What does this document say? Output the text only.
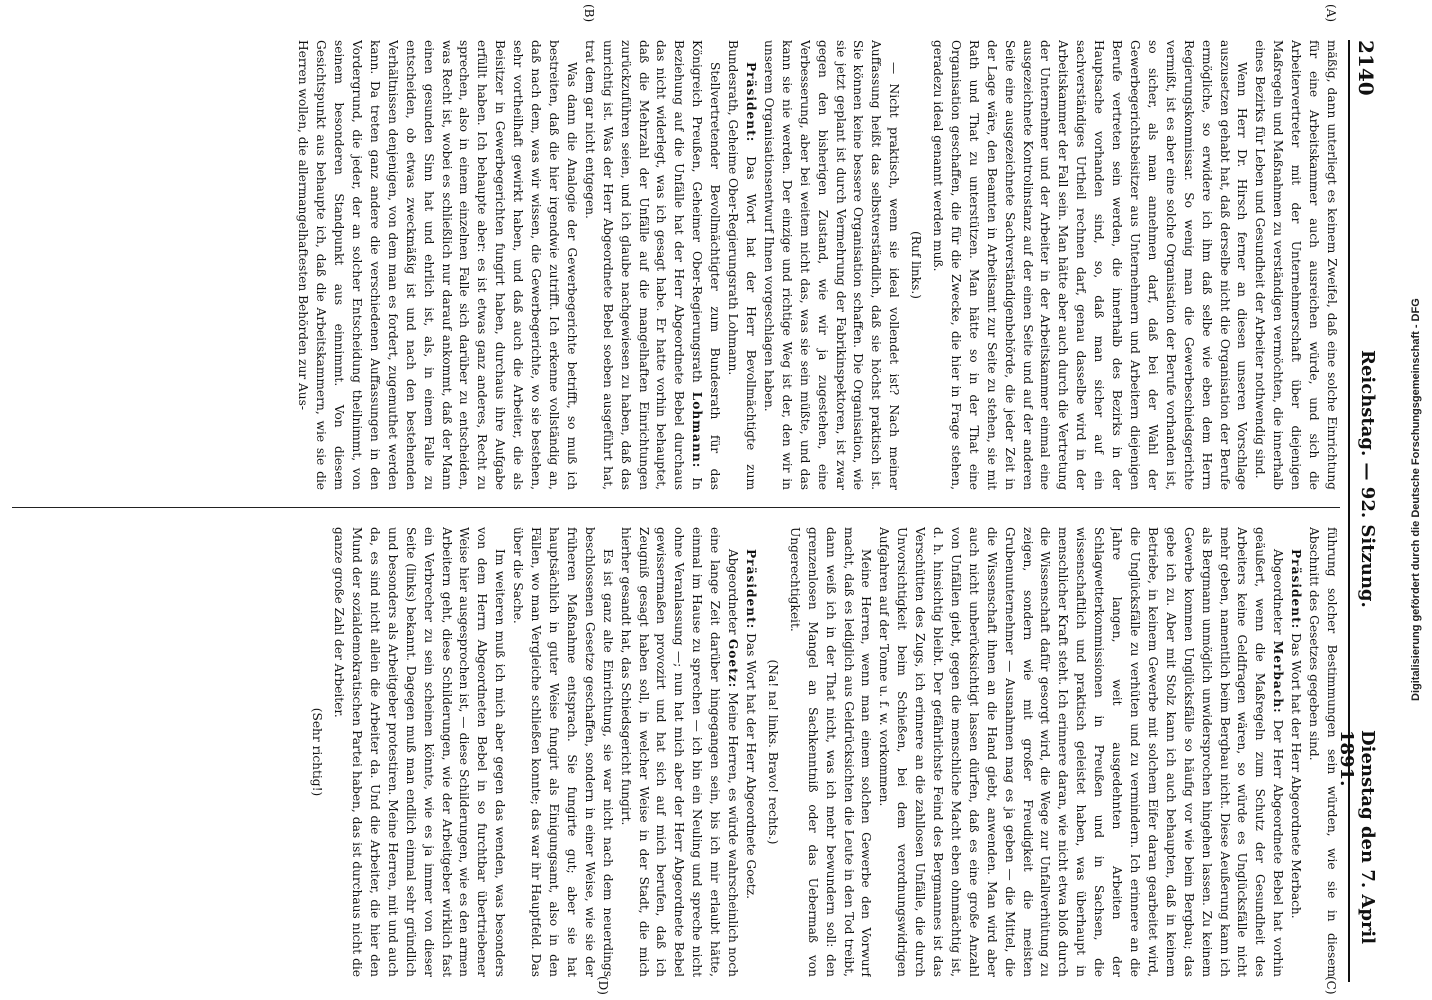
2140
Reichstag. — 92. Sitzung.
Dienstag den 7. April 1891.
(A)
(B)
(C)
(D)

mäßig, dann unterliegt es keinem Zweifel, daß eine solche Einrichtung für eine Arbeitskammer auch ausreichen würde, und sich die Arbeitervertreter mit der Unternehmerschaft über diejenigen Maßregeln und Maßnahmen zu verständigen vermöchten, die innerhalb eines Bezirks für Leben und Gesundheit der Arbeiter nothwendig sind.

Wenn Herr Dr. Hirsch ferner an diesen unseren Vorschlage auszusetzen gehabt hat, daß derselbe nicht die Organisation der Berufe ermögliche, so erwidere ich ihm daß selbe wie eben dem Herrn Regierungskommissar. So wenig man die Gewerbeschiedsgerichte vermißt, ist es aber eine solche Organisation der Berufe vorhanden ist, so sicher, als man annehmen darf, daß bei der Wahl der Gewerbegerichtsbeisitzer aus Unternehmern und Arbeitern diejenigen Berufe vertreten sein werden, die innerhalb des Bezirks in der Hauptsache vorhanden sind, so, daß man sicher auf ein sachverständiges Urtheil rechnen darf, genau dasselbe wird in der Arbeitskammer der Fall sein. Man hätte aber auch durch die Vertretung der Unternehmer und der Arbeiter in der Arbeitskammer einmal eine ausgezeichnete Kontrolinstanz auf der einen Seite und auf der anderen Seite eine ausgezeichnete Sachverständigenbehörde, die jeder Zeit in der Lage wäre, den Beamten in Arbeitsamt zur Seite zu stehen, sie mit Rath und That zu unterstützen. Man hätte so in der That eine Organisation geschaffen, die für die Zwecke, die hier in Frage stehen, geradezu ideal genannt werden muß.

(Ruf links.)

— Nicht praktisch, wenn sie ideal vollendet ist? Nach meiner Auffassung heißt das selbstverständlich, daß sie höchst praktisch ist. Sie können keine bessere Organisation schaffen. Die Organisation, wie sie jetzt geplant ist durch Vermehrung der Fabrikinspektoren, ist zwar gegen den bisherigen Zustand, wie wir ja zugestehen, eine Verbesserung, aber bei weitem nicht das, was sie sein müßte, und das kann sie nie werden. Der einzige und richtige Weg ist der, den wir in unserem Organisationsentwurf Ihnen vorgeschlagen haben.

Präsident: Das Wort hat der Herr Bevollmächtigte zum Bundesrath, Geheime Ober-Regierungsrath Lohmann.

Stellvertretender Bevollmächtigter zum Bundesrath für das Königreich Preußen, Geheimer Ober-Regierungsrath Lohmann: In Beziehung auf die Unfälle hat der Herr Abgeordnete Bebel durchaus das nicht widerlegt, was ich gesagt habe. Er hatte vorhin behauptet, daß die Mehrzahl der Unfälle auf die mangelhaften Einrichtungen zurückzuführen seien, und ich glaube nachgewiesen zu haben, daß das unrichtig ist. Was der Herr Abgeordnete Bebel soeben ausgeführt hat, trat dem gar nicht entgegen.

Was dann die Analogie der Gewerbegerichte betrifft, so muß ich bestreiten, daß die hier irgendwie zutrifft. Ich erkenne vollständig an, daß nach dem, was wir wissen, die Gewerbegerichte, wo sie bestehen, sehr vortheilhaft gewirkt haben, und daß auch die Arbeiter, die als Beisitzer in Gewerbegerichten fungirt haben, durchaus ihre Aufgabe erfüllt haben. Ich behaupte aber: es ist etwas ganz anderes, Recht zu sprechen, also in einem einzelnen Falle sich darüber zu entscheiden, was Recht ist, wobei es schließlich nur darauf ankommt, daß der Mann einen gesunden Sinn hat und ehrlich ist, als, in einem Falle zu entscheiden, ob etwas zweckmäßig ist und nach den bestehenden Verhältnissen denjenigen, von dem man es fordert, zugemuthet werden kann. Da treten ganz andere die verschiedenen Auffassungen in den Vordergrund, die jeder, der an solcher Entscheidung theilnimmt, von seinem besonderen Standpunkt aus einnimmt. Von diesem Gesichtspunkt aus behaupte ich, daß die Arbeitskammern, wie sie die Herren wollen, die allermangelhaftesten Behörden zur Aus-

führung solcher Bestimmungen sein würden, wie sie in diesem Abschnitt des Gesetzes gegeben sind.

Präsident: Das Wort hat der Herr Abgeordnete Merbach.

Abgeordneter Merbach: Der Herr Abgeordnete Bebel hat vorhin geäußert, wenn die Maßregeln zum Schutz der Gesundheit des Arbeiters keine Geldfragen wären, so würde es Unglücksfälle nicht mehr geben, namentlich beim Bergbau nicht. Diese Aeußerung kann ich als Bergmann unmöglich unwidersprochen hingehen lassen. Zu keinem Gewerbe kommen Unglücksfälle so häufig vor wie beim Bergbau; das gebe ich zu. Aber mit Stolz kann ich auch behaupten, daß in keinem Betriebe, in keinem Gewerbe mit solchem Eifer daran gearbeitet wird, die Unglücksfälle zu verhüten und zu vermindern. Ich erinnere an die Jahre langen, weit ausgedehnten Arbeiten der Schlagwetterkommissionen in Preußen und in Sachsen, die wissenschaftlich und praktisch geleistet haben, was überhaupt in menschlicher Kraft steht. Ich erinnere daran, wie nicht etwa bloß durch die Wissenschaft dafür gesorgt wird, die Wege zur Unfallverhütung zu zeigen, sondern wie mit großer Freudigkeit die meisten Grubenunternehmer — Ausnahmen mag es ja geben — die Mittel, die die Wissenschaft ihnen an die Hand giebt, anwenden. Man wird aber auch nicht unberücksichtigt lassen dürfen, daß es eine große Anzahl von Unfällen giebt, gegen die menschliche Macht eben ohnmächtig ist, d. h. hinsichtig bleibt. Der gefährlichste Feind des Bergmannes ist das Verschütten des Zugs, ich erinnere an die zahllosen Unfälle, die durch Unvorsichtigkeit beim Schießen, bei dem verordnungswidrigen Aufgahren auf der Tonne u. f. w. vorkommen.

Meine Herren, wenn man einem solchen Gewerbe den Vorwurf macht, daß es lediglich aus Geldrücksichten die Leute in den Tod treibt, dann weiß ich in der That nicht, was ich mehr bewundern soll: den grenzenlosen Mangel an Sachkenntniß oder das Uebermaß von Ungerechtigkeit.

(Na! na! links. Bravo! rechts.)

Präsident: Das Wort hat der Herr Abgeordnete Goetz.

Abgeordneter Goetz: Meine Herren, es würde wahrscheinlich noch eine lange Zeit darüber hingegangen sein, bis ich mir erlaubt hätte, einmal im Hause zu sprechen — ich bin ein Neuling und spreche nicht ohne Veranlassung —; nun hat mich aber der Herr Abgeordnete Bebel gewissermaßen provozirt und hat sich auf mich berufen, daß ich Zeugniß gesagt haben soll, in welcher Weise in der Stadt, die mich hierher gesandt hat, das Schiedsgericht fungirt.

Es ist ganz alte Einrichtung, sie war nicht nach dem neuerdings beschlossenen Gesetze geschaffen, sondern in einer Weise, wie sie der früheren Maßnahme entsprach. Sie fungirte gut; aber sie hat hauptsächlich in guter Weise fungirt als Einigungsamt, also in den Fällen, wo man Vergleiche schließen konnte; das war ihr Hauptfeld. Das über die Sache.

Im weiteren muß ich mich aber gegen das wenden, was besonders von dem Herrn Abgeordneten Bebel in so furchtbar übertriebener Weise hier ausgesprochen ist, — diese Schilderungen, wie es den armen Arbeitern geht, diese Schilderungen, wie der Arbeitgeber wirklich fast ein Verbrecher zu sein scheinen könnte, wie es ja immer von dieser Seite (links) bekannt. Dagegen muß man endlich einmal sehr gründlich und besonders als Arbeitgeber protestiren. Meine Herren, mit und auch da, es sind nicht allein die Arbeiter da. Und die Arbeiter, die hier den Mund der sozialdemokratischen Partei haben, das ist durchaus nicht die ganze große Zahl der Arbeiter.

(Sehr richtig!)
Digitalisierung gefördert durch die Deutsche Forschungsgemeinschaft - DFG
